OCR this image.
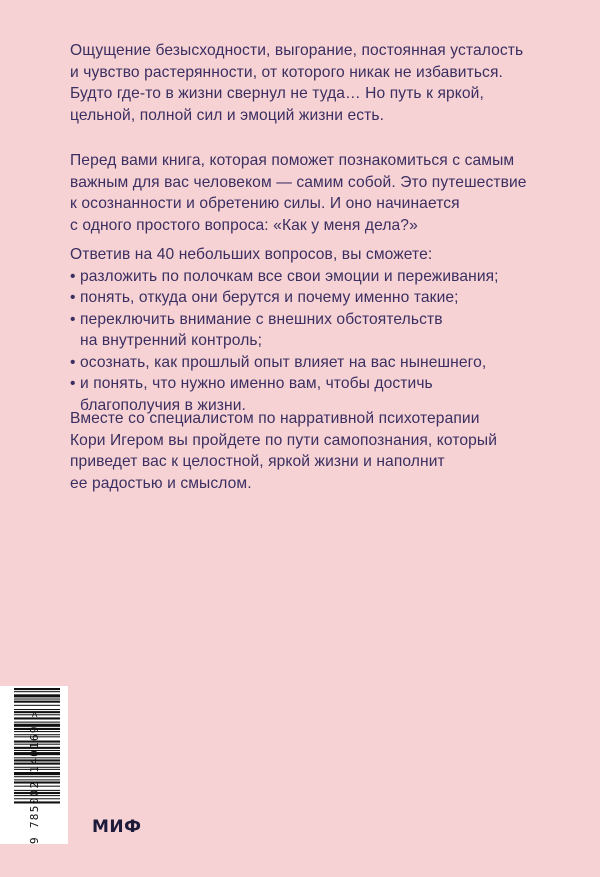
Ощущение безысходности, выгорание, постоянная усталость

и чувство растерянности, от которого никак не избавиться.

Будто где-то в жизни свернул не туда… Но путь к яркой,

цельной, полной сил и эмоций жизни есть.

Перед вами книга, которая поможет познакомиться с самым

важным для вас человеком — самим собой. Это путешествие

к осознанности и обретению силы. И оно начинается

с одного простого вопроса: «Как у меня дела?»

Ответив на 40 небольших вопросов, вы сможете:

• разложить по полочкам все свои эмоции и переживания;
• понять, откуда они берутся и почему именно такие;
• переключить внимание с внешних обстоятельств
на внутренний контроль;
• осознать, как прошлый опыт влияет на вас нынешнего,
• и понять, что нужно именно вам, чтобы достичь
благополучия в жизни.

Вместе со специалистом по нарративной психотерапии

Кори Игером вы пройдете по пути самопознания, который

приведет вас к целостной, яркой жизни и наполнит

ее радостью и смыслом.

9 785002 140169 >	МИФ
